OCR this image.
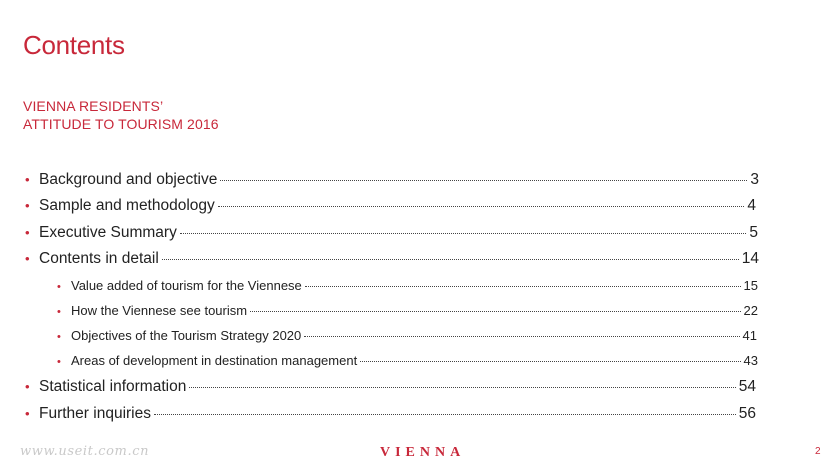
Contents
VIENNA RESIDENTS’
ATTITUDE TO TOURISM 2016
• Background and objective	3
• Sample and methodology	4
• Executive Summary	5
• Contents in detail	14
• Value added of tourism for the Viennese	15
• How the Viennese see tourism	22
• Objectives of the Tourism Strategy 2020	41
• Areas of development in destination management	43
• Statistical information	54
• Further inquiries	56
www.useit.com.cn	VIENNA	2
